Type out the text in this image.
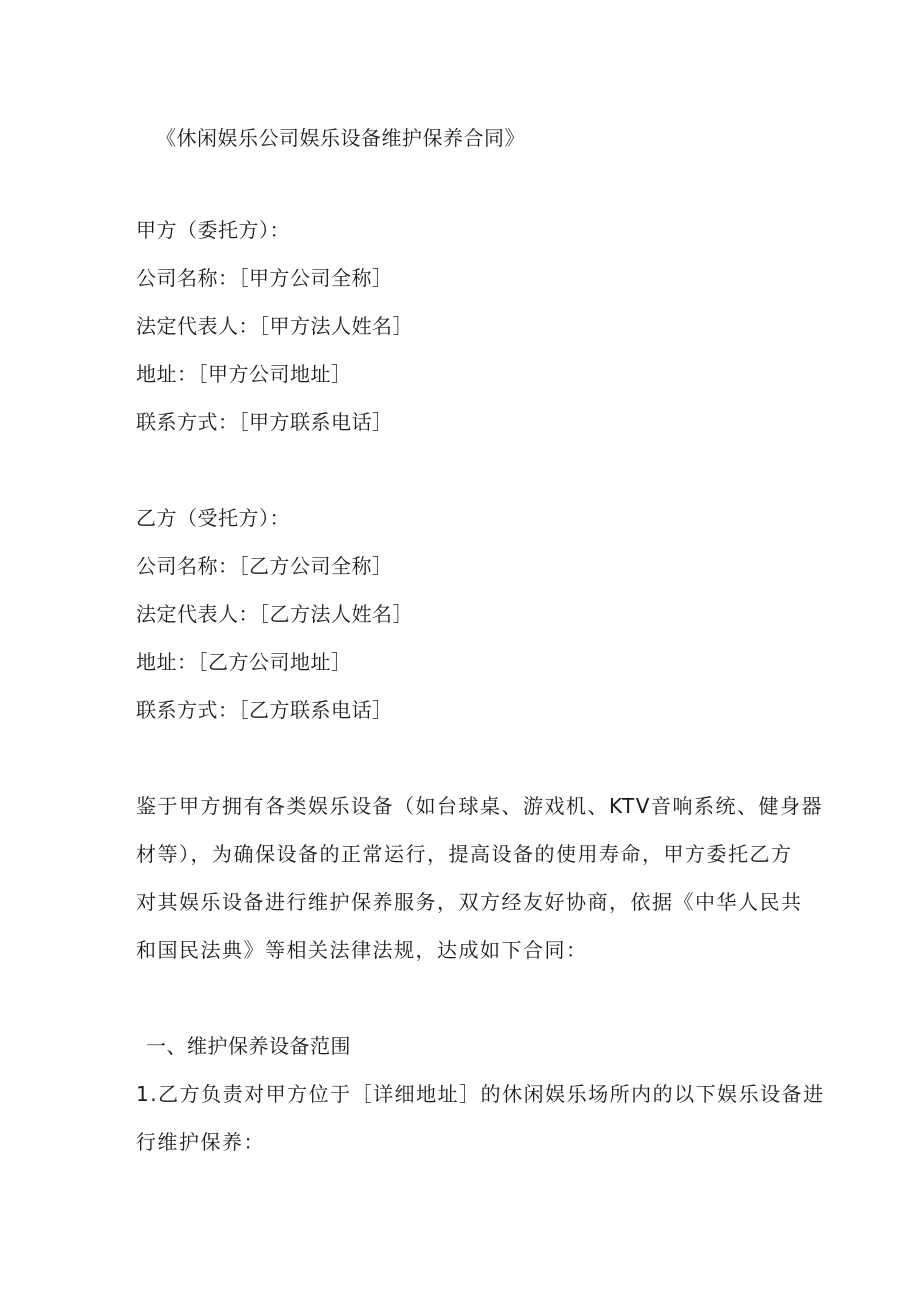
《休闲娱乐公司娱乐设备维护保养合同》
甲方（委托方）：
公司名称：［甲方公司全称］
法定代表人：［甲方法人姓名］
地址：［甲方公司地址］
联系方式：［甲方联系电话］
乙方（受托方）：
公司名称：［乙方公司全称］
法定代表人：［乙方法人姓名］
地址：［乙方公司地址］
联系方式：［乙方联系电话］
鉴于甲方拥有各类娱乐设备（如台球桌、游戏机、KTV音响系统、健身器
材等），为确保设备的正常运行，提高设备的使用寿命，甲方委托乙方
对其娱乐设备进行维护保养服务，双方经友好协商，依据《中华人民共
和国民法典》等相关法律法规，达成如下合同：
一、维护保养设备范围
1.乙方负责对甲方位于［详细地址］的休闲娱乐场所内的以下娱乐设备进
行维护保养：
